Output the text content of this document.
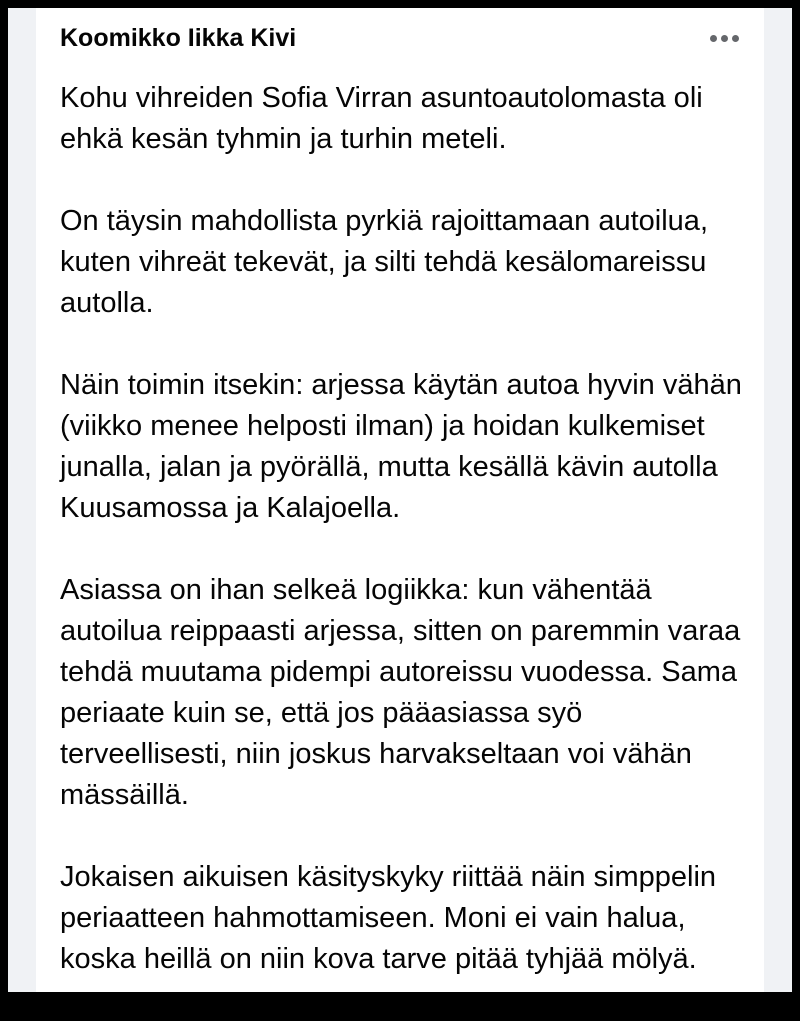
Koomikko Iikka Kivi

Kohu vihreiden Sofia Virran asuntoautolomasta oli ehkä kesän tyhmin ja turhin meteli.

On täysin mahdollista pyrkiä rajoittamaan autoilua, kuten vihreät tekevät, ja silti tehdä kesälomareissu autolla.

Näin toimin itsekin: arjessa käytän autoa hyvin vähän (viikko menee helposti ilman) ja hoidan kulkemiset junalla, jalan ja pyörällä, mutta kesällä kävin autolla Kuusamossa ja Kalajoella.

Asiassa on ihan selkeä logiikka: kun vähentää autoilua reippaasti arjessa, sitten on paremmin varaa tehdä muutama pidempi autoreissu vuodessa. Sama periaate kuin se, että jos pääasiassa syö terveellisesti, niin joskus harvakseltaan voi vähän mässäillä.

Jokaisen aikuisen käsityskyky riittää näin simppelin periaatteen hahmottamiseen. Moni ei vain halua, koska heillä on niin kova tarve pitää tyhjää mölyä.
